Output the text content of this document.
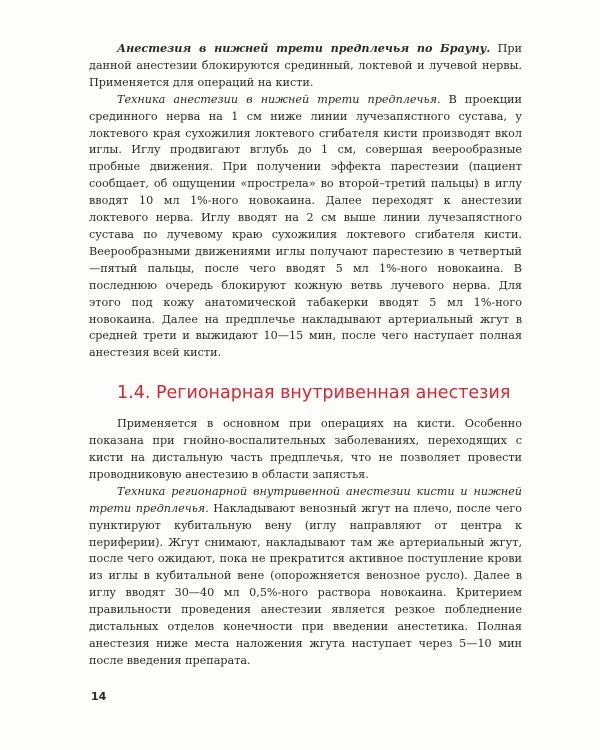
Анестезия в нижней трети предплечья по Брауну. При данной анестезии блокируются срединный, локтевой и лучевой нервы. Применяется для операций на кисти.

Техника анестезии в нижней трети предплечья. В проекции срединного нерва на 1 см ниже линии лучезапястного сустава, у локтевого края сухожилия локтевого сгибателя кисти производят вкол иглы. Иглу продвигают вглубь до 1 см, совершая веерообразные пробные движения. При получении эффекта парестезии (пациент сообщает, об ощущении «прострела» во второй–третий пальцы) в иглу вводят 10 мл 1%-ного новокаина. Далее переходят к анестезии локтевого нерва. Иглу вводят на 2 см выше линии лучезапястного сустава по лучевому краю сухожилия локтевого сгибателя кисти. Веерообразными движениями иглы получают парестезию в четвертый—пятый пальцы, после чего вводят 5 мл 1%-ного новокаина. В последнюю очередь блокируют кожную ветвь лучевого нерва. Для этого под кожу анатомической табакерки вводят 5 мл 1%-ного новокаина. Далее на предплечье накладывают артериальный жгут в средней трети и выжидают 10—15 мин, после чего наступает полная анестезия всей кисти.

1.4. Регионарная внутривенная анестезия

Применяется в основном при операциях на кисти. Особенно показана при гнойно-воспалительных заболеваниях, переходящих с кисти на дистальную часть предплечья, что не позволяет провести проводниковую анестезию в области запястья.

Техника регионарной внутривенной анестезии кисти и нижней трети предплечья. Накладывают венозный жгут на плечо, после чего пунктируют кубитальную вену (иглу направляют от центра к периферии). Жгут снимают, накладывают там же артериальный жгут, после чего ожидают, пока не прекратится активное поступление крови из иглы в кубитальной вене (опорожняется венозное русло). Далее в иглу вводят 30—40 мл 0,5%-ного раствора новокаина. Критерием правильности проведения анестезии является резкое побледнение дистальных отделов конечности при введении анестетика. Полная анестезия ниже места наложения жгута наступает через 5—10 мин после введения препарата.

14
